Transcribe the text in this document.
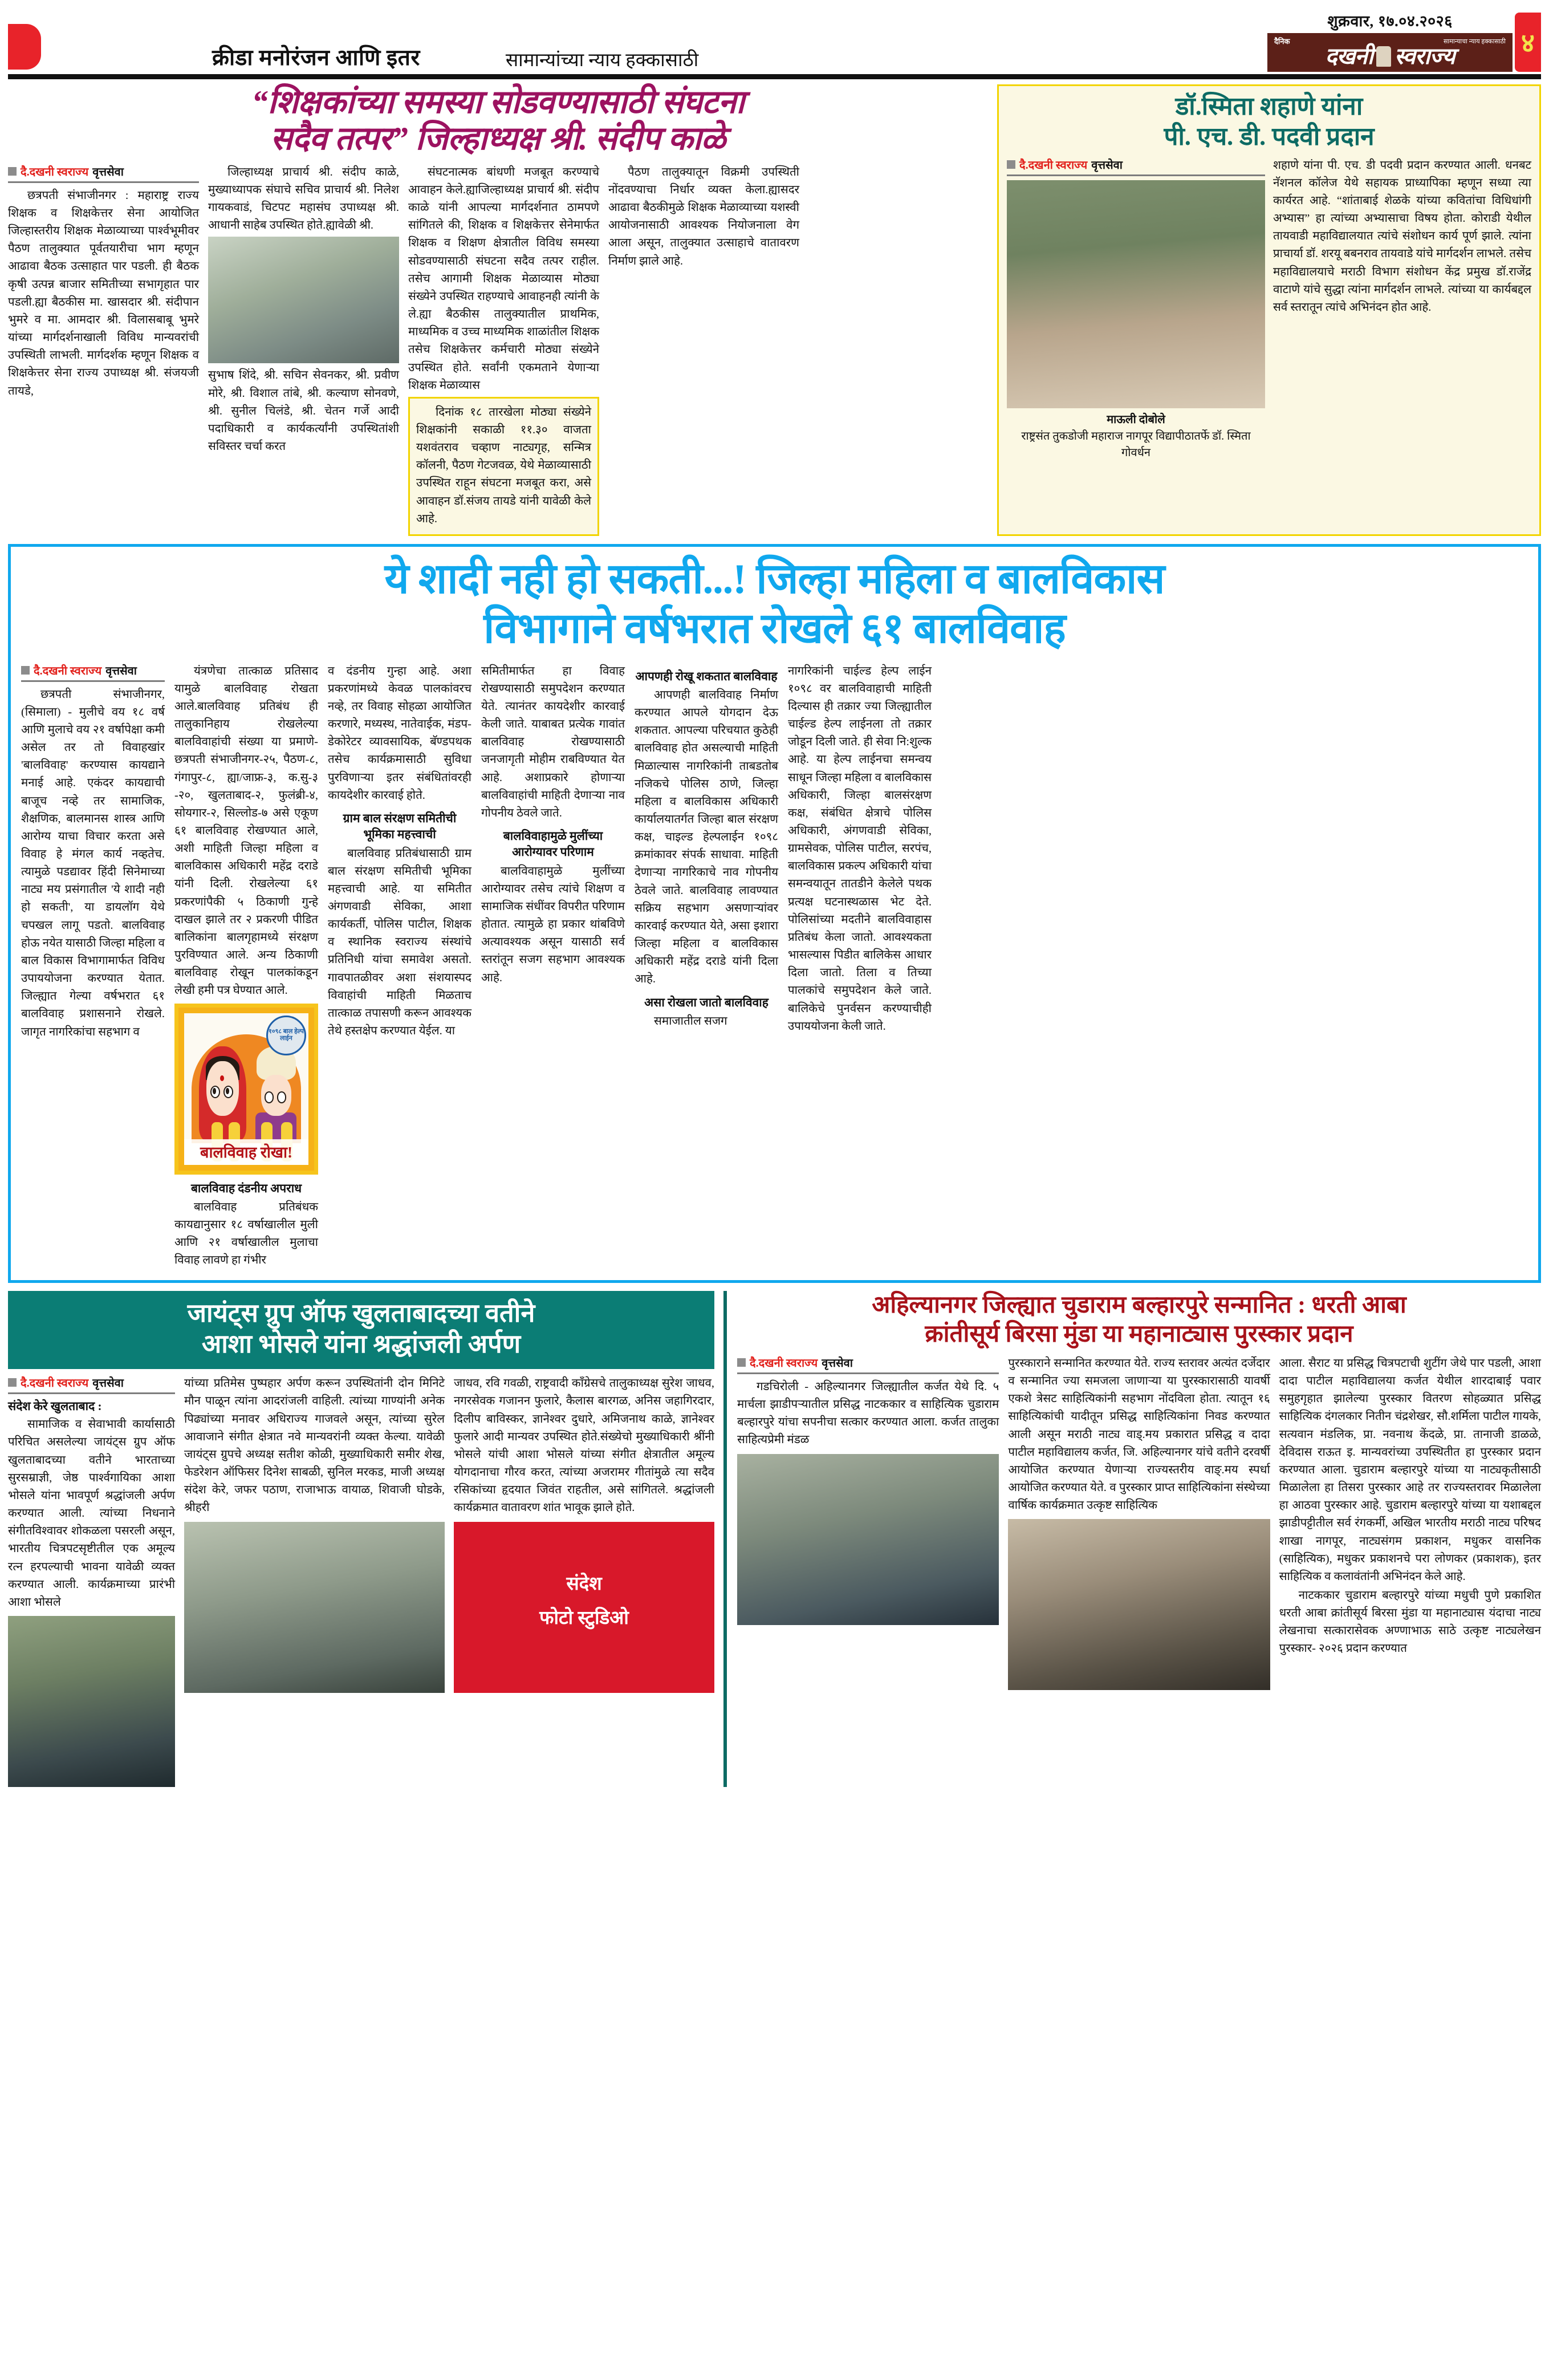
क्रीडा मनोरंजन आणि इतर	सामान्यांच्या न्याय हक्कासाठी
शुक्रवार, १७.०४.२०२६
दैनिक	सामान्याचा न्याय हक्कासाठी
दखनी स्वराज्य	४
“शिक्षकांच्या समस्या सोडवण्यासाठी संघटना
सदैव तत्पर” जिल्हाध्यक्ष श्री. संदीप काळे
दै.दखनी स्वराज्य वृत्तसेवा

छत्रपती संभाजीनगर : महाराष्ट्र राज्य शिक्षक व शिक्षकेत्तर सेना आयोजित जिल्हास्तरीय शिक्षक मेळाव्याच्या पार्श्वभूमीवर पैठण तालुक्यात पूर्वतयारीचा भाग म्हणून आढावा बैठक उत्साहात पार पडली. ही बैठक कृषी उत्पन्न बाजार समितीच्या सभागृहात पार पडली.ह्या बैठकीस मा. खासदार श्री. संदीपान भुमरे व मा. आमदार श्री. विलासबाबू भुमरे यांच्या मार्गदर्शनाखाली विविध मान्यवरांची उपस्थिती लाभली. मार्गदर्शक म्हणून शिक्षक व शिक्षकेत्तर सेना राज्य उपाध्यक्ष श्री. संजयजी तायडे,

जिल्हाध्यक्ष प्राचार्य श्री. संदीप काळे, मुख्याध्यापक संघाचे सचिव प्राचार्य श्री. निलेश गायकवाडं, चिटपट महासंघ उपाध्यक्ष श्री. आधानी साहेब उपस्थित होते.ह्यावेळी श्री.

सुभाष शिंदे, श्री. सचिन सेवनकर, श्री. प्रवीण मोरे, श्री. विशाल तांबे, श्री. कल्याण सोनवणे, श्री. सुनील चिलंडे, श्री. चेतन गर्जे आदी पदाधिकारी व कार्यकर्त्यांनी उपस्थितांशी सविस्तर चर्चा करत

संघटनात्मक बांधणी मजबूत करण्याचे आवाहन केले.ह्याजिल्हाध्यक्ष प्राचार्य श्री. संदीप काळे यांनी आपल्या मार्गदर्शनात ठामपणे सांगितले की, शिक्षक व शिक्षकेत्तर सेनेमार्फत शिक्षक व शिक्षण क्षेत्रातील विविध समस्या सोडवण्यासाठी संघटना सदैव तत्पर राहील. तसेच आगामी शिक्षक मेळाव्यास मोठ्या संख्येने उपस्थित राहण्याचे आवाहनही त्यांनी के ले.ह्या बैठकीस तालुक्यातील प्राथमिक, माध्यमिक व उच्च माध्यमिक शाळांतील शिक्षक तसेच शिक्षकेत्तर कर्मचारी मोठ्या संख्येने उपस्थित होते. सर्वांनी एकमताने येणाऱ्या शिक्षक मेळाव्यास

दिनांक १८ तारखेला मोठ्या संख्येने शिक्षकांनी सकाळी ११.३० वाजता यशवंतराव चव्हाण नाट्यगृह, सन्मित्र कॉलनी, पैठण गेटजवळ, येथे मेळाव्यासाठी उपस्थित राहून संघटना मजबूत करा, असे आवाहन डॉ.संजय तायडे यांनी यावेळी केले आहे.

पैठण तालुक्यातून विक्रमी उपस्थिती नोंदवण्याचा निर्धार व्यक्त केला.ह्यासदर आढावा बैठकीमुळे शिक्षक मेळाव्याच्या यशस्वी आयोजनासाठी आवश्यक नियोजनाला वेग आला असून, तालुक्यात उत्साहाचे वातावरण निर्माण झाले आहे.

डॉ.स्मिता शहाणे यांना
पी. एच. डी. पदवी प्रदान
दै.दखनी स्वराज्य वृत्तसेवा
माऊली दोबोले
राष्ट्रसंत तुकडोजी महाराज नागपूर विद्यापीठातर्फे डॉ. स्मिता गोवर्धन

शहाणे यांना पी. एच. डी पदवी प्रदान करण्यात आली. धनबट नॅशनल कॉलेज येथे सहायक प्राध्यापिका म्हणून सध्या त्या कार्यरत आहे. “शांताबाई शेळके यांच्या कवितांचा विधिधांगी अभ्यास” हा त्यांच्या अभ्यासाचा विषय होता. कोराडी येथील तायवाडी महाविद्यालयात त्यांचे संशोधन कार्य पूर्ण झाले. त्यांना प्राचार्या डॉ. शरयू बबनराव तायवाडे यांचे मार्गदर्शन लाभले. तसेच महाविद्यालयाचे मराठी विभाग संशोधन केंद्र प्रमुख डॉ.राजेंद्र वाटाणे यांचे सुद्धा त्यांना मार्गदर्शन लाभले. त्यांच्या या कार्यबद्दल सर्व स्तरातून त्यांचे अभिनंदन होत आहे.

ये शादी नही हो सकती...! जिल्हा महिला व बालविकास
विभागाने वर्षभरात रोखले ६१ बालविवाह
दै.दखनी स्वराज्य वृत्तसेवा

छत्रपती संभाजीनगर, (सिमाला) - मुलीचे वय १८ वर्ष आणि मुलाचे वय २१ वर्षापेक्षा कमी असेल तर तो विवाहखांर 'बालविवाह' करण्यास कायद्याने मनाई आहे. एकंदर कायद्याची बाजूच नव्हे तर सामाजिक, शैक्षणिक, बालमानस शास्त्र आणि आरोग्य याचा विचार करता असे विवाह हे मंगल कार्य नव्हतेच. त्यामुळे पडद्यावर हिंदी सिनेमाच्या नाट्य मय प्रसंगातील 'ये शादी नही हो सकती', या डायलॉग येथे चपखल लागू पडतो. बालविवाह होऊ नयेत यासाठी जिल्हा महिला व बाल विकास विभागामार्फत विविध उपाययोजना करण्यात येतात. जिल्ह्यात गेल्या वर्षभरात ६१ बालविवाह प्रशासनाने रोखले. जागृत नागरिकांचा सहभाग व

यंत्रणेचा तात्काळ प्रतिसाद यामुळे बालविवाह रोखता आले.बालविवाह प्रतिबंध ही तालुकानिहाय रोखलेल्या बालविवाहांची संख्या या प्रमाणे- छत्रपती संभाजीनगर-२५, पैठण-८, गंगापुर-८, ह्या/जाफ्र-३, क.सु-३ -२०, खुलताबाद-२, फुलंब्री-४, सोयगार-२, सिल्लोड-७ असे एकूण ६१ बालविवाह रोखण्यात आले, अशी माहिती जिल्हा महिला व बालविकास अधिकारी महेंद्र दराडे यांनी दिली. रोखलेल्या ६१ प्रकरणांपैकी ५ ठिकाणी गुन्हे दाखल झाले तर २ प्रकरणी पीडित बालिकांना बालगृहामध्ये संरक्षण पुरविण्यात आले. अन्य ठिकाणी बालविवाह रोखून पालकांकडून लेखी हमी पत्र घेण्यात आले.

१०९८ बाल हेल्प लाईन
बालविवाह रोखा!
बालविवाह दंडनीय अपराध

बालविवाह प्रतिबंधक कायद्यानुसार १८ वर्षाखालील मुली आणि २१ वर्षाखालील मुलाचा विवाह लावणे हा गंभीर

व दंडनीय गुन्हा आहे. अशा प्रकरणांमध्ये केवळ पालकांवरच नव्हे, तर विवाह सोहळा आयोजित करणारे, मध्यस्थ, नातेवाईक, मंडप-डेकोरेटर व्यावसायिक, बॅण्डपथक तसेच कार्यक्रमासाठी सुविधा पुरविणाऱ्या इतर संबंधितांवरही कायदेशीर कारवाई होते.

ग्राम बाल संरक्षण समितीची भूमिका महत्त्वाची

बालविवाह प्रतिबंधासाठी ग्राम बाल संरक्षण समितीची भूमिका महत्त्वाची आहे. या समितीत अंगणवाडी सेविका, आशा कार्यकर्ती, पोलिस पाटील, शिक्षक व स्थानिक स्वराज्य संस्थांचे प्रतिनिधी यांचा समावेश असतो. गावपातळीवर अशा संशयास्पद विवाहांची माहिती मिळताच तात्काळ तपासणी करून आवश्यक तेथे हस्तक्षेप करण्यात येईल. या

समितीमार्फत हा विवाह रोखण्यासाठी समुपदेशन करण्यात येते. त्यानंतर कायदेशीर कारवाई केली जाते. याबाबत प्रत्येक गावांत बालविवाह रोखण्यासाठी जनजागृती मोहीम राबविण्यात येत आहे. अशाप्रकारे होणाऱ्या बालविवाहांची माहिती देणाऱ्या नाव गोपनीय ठेवले जाते.

बालविवाहामुळे मुलींच्या आरोग्यावर परिणाम

बालविवाहामुळे मुलींच्या आरोग्यावर तसेच त्यांचे शिक्षण व सामाजिक संधींवर विपरीत परिणाम होतात. त्यामुळे हा प्रकार थांबविणे अत्यावश्यक असून यासाठी सर्व स्तरांतून सजग सहभाग आवश्यक आहे.

आपणही रोखू शकतात बालविवाह

आपणही बालविवाह निर्माण करण्यात आपले योगदान देऊ शकतात. आपल्या परिचयात कुठेही बालविवाह होत असल्याची माहिती मिळाल्यास नागरिकांनी ताबडतोब नजिकचे पोलिस ठाणे, जिल्हा महिला व बालविकास अधिकारी कार्यालयातर्गत जिल्हा बाल संरक्षण कक्ष, चाइल्ड हेल्पलाईन १०९८ क्रमांकावर संपर्क साधावा. माहिती देणाऱ्या नागरिकाचे नाव गोपनीय ठेवले जाते. बालविवाह लावण्यात सक्रिय सहभाग असणाऱ्यांवर कारवाई करण्यात येते, असा इशारा जिल्हा महिला व बालविकास अधिकारी महेंद्र दराडे यांनी दिला आहे.

असा रोखला जातो बालविवाह

समाजातील सजग

नागरिकांनी चाईल्ड हेल्प लाईन १०९८ वर बालविवाहाची माहिती दिल्यास ही तक्रार ज्या जिल्ह्यातील चाईल्ड हेल्प लाईनला तो तक्रार जोडून दिली जाते. ही सेवा नि:शुल्क आहे. या हेल्प लाईनचा समन्वय साधून जिल्हा महिला व बालविकास अधिकारी, जिल्हा बालसंरक्षण कक्ष, संबंधित क्षेत्राचे पोलिस अधिकारी, अंगणवाडी सेविका, ग्रामसेवक, पोलिस पाटील, सरपंच, बालविकास प्रकल्प अधिकारी यांचा समन्वयातून तातडीने केलेले पथक प्रत्यक्ष घटनास्थळास भेट देते. पोलिसांच्या मदतीने बालविवाहास प्रतिबंध केला जातो. आवश्यकता भासल्यास पिडीत बालिकेस आधार दिला जातो. तिला व तिच्या पालकांचे समुपदेशन केले जाते. बालिकेचे पुनर्वसन करण्याचीही उपाययोजना केली जाते.

जायंट्स ग्रुप ऑफ खुलताबादच्या वतीने
आशा भोसले यांना श्रद्धांजली अर्पण
दै.दखनी स्वराज्य वृत्तसेवा
संदेश केरे खुलताबाद :

सामाजिक व सेवाभावी कार्यासाठी परिचित असलेल्या जायंट्स ग्रुप ऑफ खुलताबादच्या वतीने भारताच्या सुरसम्राज्ञी, जेष्ठ पार्श्वगायिका आशा भोसले यांना भावपूर्ण श्रद्धांजली अर्पण करण्यात आली. त्यांच्या निधनाने संगीतविश्वावर शोकळला पसरली असून, भारतीय चित्रपटसृष्टीतील एक अमूल्य रत्न हरपल्याची भावना यावेळी व्यक्त करण्यात आली. कार्यक्रमाच्या प्रारंभी आशा भोसले

यांच्या प्रतिमेस पुष्पहार अर्पण करून उपस्थितांनी दोन मिनिटे मौन पाळून त्यांना आदरांजली वाहिली. त्यांच्या गाण्यांनी अनेक पिढ्यांच्या मनावर अधिराज्य गाजवले असून, त्यांच्या सुरेल आवाजाने संगीत क्षेत्रात नवे मान्यवरांनी व्यक्त केल्या. यावेळी जायंट्स ग्रुपचे अध्यक्ष सतीश कोळी, मुख्याधिकारी समीर शेख, फेडरेशन ऑफिसर दिनेश साबळी, सुनिल मरकड, माजी अध्यक्ष संदेश केरे, जफर पठाण, राजाभाऊ वायाळ, शिवाजी घोडके, श्रीहरी

जाधव, रवि गवळी, राष्ट्रवादी कॉंग्रेसचे तालुकाध्यक्ष सुरेश जाधव, नगरसेवक गजानन फुलारे, कैलास बारगळ, अनिस जहागिरदार, दिलीप बाविस्कर, ज्ञानेश्वर दुधारे, अमिजनाथ काळे, ज्ञानेश्वर फुलारे आदी मान्यवर उपस्थित होते.संख्येचो मुख्याधिकारी श्रींनी भोसले यांची आशा भोसले यांच्या संगीत क्षेत्रातील अमूल्य योगदानाचा गौरव करत, त्यांच्या अजरामर गीतांमुळे त्या सदैव रसिकांच्या हृदयात जिवंत राहतील, असे सांगितले. श्रद्धांजली कार्यक्रमात वातावरण शांत भावूक झाले होते.

संदेश
फोटो स्टुडिओ
अहिल्यानगर जिल्ह्यात चुडाराम बल्हारपुरे सन्मानित : धरती आबा
क्रांतीसूर्य बिरसा मुंडा या महानाट्यास पुरस्कार प्रदान
दै.दखनी स्वराज्य वृत्तसेवा

गडचिरोली - अहिल्यानगर जिल्ह्यातील कर्जत येथे दि. ५ मार्चला झाडीपऱ्यातील प्रसिद्ध नाटककार व साहित्यिक चुडाराम बल्हारपुरे यांचा सपनीचा सत्कार करण्यात आला. कर्जत तालुका साहित्यप्रेमी मंडळ

पुरस्काराने सन्मानित करण्यात येते. राज्य स्तरावर अत्यंत दर्जेदार व सन्मानित ज्या समजला जाणाऱ्या या पुरस्कारासाठी यावर्षी एकशे त्रेसट साहित्यिकांनी सहभाग नोंदविला होता. त्यातून १६ साहित्यिकांची यादीतून प्रसिद्ध साहित्यिकांना निवड करण्यात आली असून मराठी नाट्य वाड्.मय प्रकारात प्रसिद्ध व दादा पाटील महाविद्यालय कर्जत, जि. अहिल्यानगर यांचे वतीने दरवर्षी आयोजित करण्यात येणाऱ्या राज्यस्तरीय वाङ्.मय स्पर्धा आयोजित करण्यात येते. व पुरस्कार प्राप्त साहित्यिकांना संस्थेच्या वार्षिक कार्यक्रमात उत्कृष्ट साहित्यिक

आला. सैराट या प्रसिद्ध चित्रपटाची शुटींग जेथे पार पडली, आशा दादा पाटील महाविद्यालया कर्जत येथील शारदाबाई पवार समुहगृहात झालेल्या पुरस्कार वितरण सोहळ्यात प्रसिद्ध साहित्यिक दंगलकार नितीन चंद्रशेखर, सौ.शर्मिला पाटील गायके, सत्यवान मंडलिक, प्रा. नवनाथ केंदळे, प्रा. तानाजी डाळळे, देविदास राऊत इ. मान्यवरांच्या उपस्थितीत हा पुरस्कार प्रदान करण्यात आला. चुडाराम बल्हारपुरे यांच्या या नाट्यकृतीसाठी मिळालेला हा तिसरा पुरस्कार आहे तर राज्यस्तरावर मिळालेला हा आठवा पुरस्कार आहे. चुडाराम बल्हारपुरे यांच्या या यशाबद्दल झाडीपट्टीतील सर्व रंगकर्मी, अखिल भारतीय मराठी नाट्य परिषद शाखा नागपूर, नाट्यसंगम प्रकाशन, मधुकर वासनिक (साहित्यिक), मधुकर प्रकाशनचे परा लोणकर (प्रकाशक), इतर साहित्यिक व कलावंतांनी अभिनंदन केले आहे.

नाटककार चुडाराम बल्हारपुरे यांच्या मधुची पुणे प्रकाशित धरती आबा क्रांतीसूर्य बिरसा मुंडा या महानाट्यास यंदाचा नाट्य लेखनाचा सत्कारासेवक अण्णाभाऊ साठे उत्कृष्ट नाट्यलेखन पुरस्कार- २०२६ प्रदान करण्यात
